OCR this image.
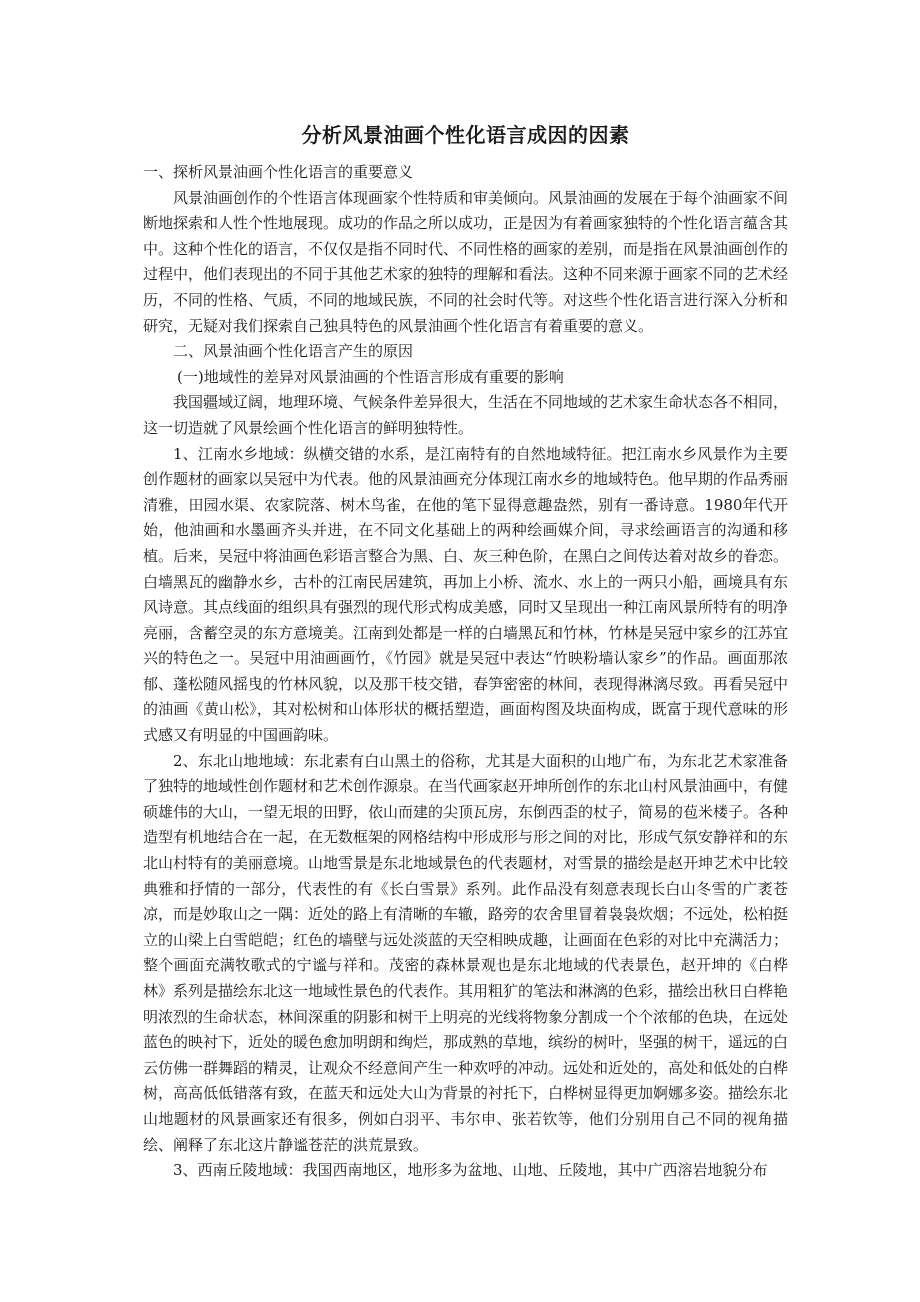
分析风景油画个性化语言成因的因素
一、探析风景油画个性化语言的重要意义

风景油画创作的个性语言体现画家个性特质和审美倾向。风景油画的发展在于每个油画家不间断地探索和人性个性地展现。成功的作品之所以成功，正是因为有着画家独特的个性化语言蕴含其中。这种个性化的语言，不仅仅是指不同时代、不同性格的画家的差别，而是指在风景油画创作的过程中，他们表现出的不同于其他艺术家的独特的理解和看法。这种不同来源于画家不同的艺术经历，不同的性格、气质，不同的地域民族，不同的社会时代等。对这些个性化语言进行深入分析和研究，无疑对我们探索自己独具特色的风景油画个性化语言有着重要的意义。

二、风景油画个性化语言产生的原因
(一)地域性的差异对风景油画的个性语言形成有重要的影响

我国疆域辽阔，地理环境、气候条件差异很大，生活在不同地域的艺术家生命状态各不相同，这一切造就了风景绘画个性化语言的鲜明独特性。

1、江南水乡地域：纵横交错的水系，是江南特有的自然地域特征。把江南水乡风景作为主要创作题材的画家以吴冠中为代表。他的风景油画充分体现江南水乡的地域特色。他早期的作品秀丽清雅，田园水渠、农家院落、树木鸟雀，在他的笔下显得意趣盎然，别有一番诗意。1980年代开始，他油画和水墨画齐头并进，在不同文化基础上的两种绘画媒介间，寻求绘画语言的沟通和移植。后来，吴冠中将油画色彩语言整合为黑、白、灰三种色阶，在黑白之间传达着对故乡的眷恋。白墙黑瓦的幽静水乡，古朴的江南民居建筑，再加上小桥、流水、水上的一两只小船，画境具有东风诗意。其点线面的组织具有强烈的现代形式构成美感，同时又呈现出一种江南风景所特有的明净亮丽，含蓄空灵的东方意境美。江南到处都是一样的白墙黑瓦和竹林，竹林是吴冠中家乡的江苏宜兴的特色之一。吴冠中用油画画竹，《竹园》就是吴冠中表达“竹映粉墙认家乡”的作品。画面那浓郁、蓬松随风摇曳的竹林风貌，以及那干枝交错，春笋密密的林间，表现得淋漓尽致。再看吴冠中的油画《黄山松》，其对松树和山体形状的概括塑造，画面构图及块面构成，既富于现代意味的形式感又有明显的中国画韵味。

2、东北山地地域：东北素有白山黑土的俗称，尤其是大面积的山地广布，为东北艺术家准备了独特的地域性创作题材和艺术创作源泉。在当代画家赵开坤所创作的东北山村风景油画中，有健硕雄伟的大山，一望无垠的田野，依山而建的尖顶瓦房，东倒西歪的杖子，简易的苞米楼子。各种造型有机地结合在一起，在无数框架的网格结构中形成形与形之间的对比，形成气氛安静祥和的东北山村特有的美丽意境。山地雪景是东北地域景色的代表题材，对雪景的描绘是赵开坤艺术中比较典雅和抒情的一部分，代表性的有《长白雪景》系列。此作品没有刻意表现长白山冬雪的广袤苍凉，而是妙取山之一隅：近处的路上有清晰的车辙，路旁的农舍里冒着袅袅炊烟；不远处，松柏挺立的山梁上白雪皑皑；红色的墙壁与远处淡蓝的天空相映成趣，让画面在色彩的对比中充满活力；整个画面充满牧歌式的宁谧与祥和。茂密的森林景观也是东北地域的代表景色，赵开坤的《白桦林》系列是描绘东北这一地域性景色的代表作。其用粗犷的笔法和淋漓的色彩，描绘出秋日白桦艳明浓烈的生命状态，林间深重的阴影和树干上明亮的光线将物象分割成一个个浓郁的色块，在远处蓝色的映衬下，近处的暖色愈加明朗和绚烂，那成熟的草地，缤纷的树叶，坚强的树干，遥远的白云仿佛一群舞蹈的精灵，让观众不经意间产生一种欢呼的冲动。远处和近处的，高处和低处的白桦树，高高低低错落有致，在蓝天和远处大山为背景的衬托下，白桦树显得更加婀娜多姿。描绘东北山地题材的风景画家还有很多，例如白羽平、韦尔申、张若钦等，他们分别用自己不同的视角描绘、阐释了东北这片静谧苍茫的洪荒景致。

3、西南丘陵地域：我国西南地区，地形多为盆地、山地、丘陵地，其中广西溶岩地貌分布
